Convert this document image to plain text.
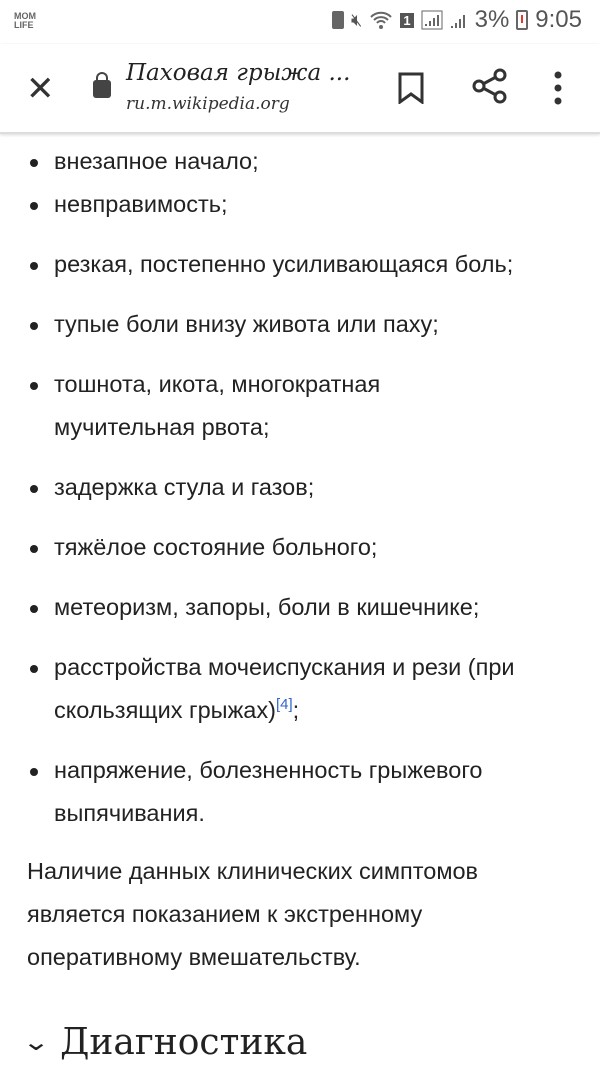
MOM LIFE	🔇︎	1	3% 9:05
✕	Паховая грыжа ...
ru.m.wikipedia.org
внезапное начало;
невправимость;
резкая, постепенно усиливающаяся боль;
тупые боли внизу живота или паху;
тошнота, икота, многократная мучительная рвота;
задержка стула и газов;
тяжёлое состояние больного;
метеоризм, запоры, боли в кишечнике;
расстройства мочеиспускания и рези (при скользящих грыжах)[4];
напряжение, болезненность грыжевого выпячивания.

Наличие данных клинических симптомов является показанием к экстренному оперативному вмешательству.

⌄ Диагностика
